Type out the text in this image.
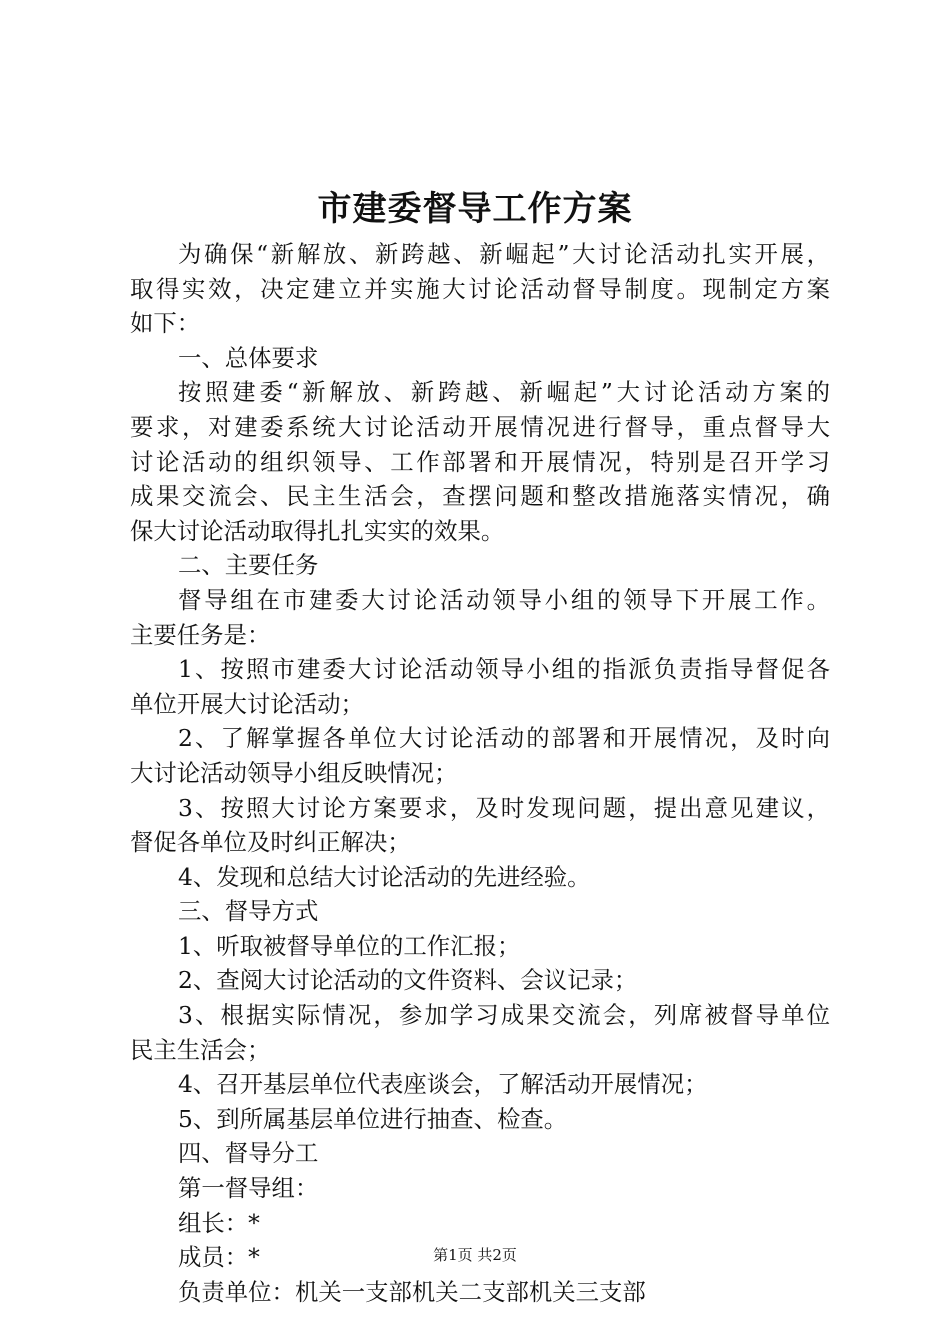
市建委督导工作方案
为确保“新解放、新跨越、新崛起”大讨论活动扎实开展，
取得实效，决定建立并实施大讨论活动督导制度。现制定方案
如下：
一、总体要求
按照建委“新解放、新跨越、新崛起”大讨论活动方案的
要求，对建委系统大讨论活动开展情况进行督导，重点督导大
讨论活动的组织领导、工作部署和开展情况，特别是召开学习
成果交流会、民主生活会，查摆问题和整改措施落实情况，确
保大讨论活动取得扎扎实实的效果。
二、主要任务
督导组在市建委大讨论活动领导小组的领导下开展工作。
主要任务是：
1、按照市建委大讨论活动领导小组的指派负责指导督促各
单位开展大讨论活动；
2、了解掌握各单位大讨论活动的部署和开展情况，及时向
大讨论活动领导小组反映情况；
3、按照大讨论方案要求，及时发现问题，提出意见建议，
督促各单位及时纠正解决；
4、发现和总结大讨论活动的先进经验。
三、督导方式
1、听取被督导单位的工作汇报；
2、查阅大讨论活动的文件资料、会议记录；
3、根据实际情况，参加学习成果交流会，列席被督导单位
民主生活会；
4、召开基层单位代表座谈会，了解活动开展情况；
5、到所属基层单位进行抽查、检查。
四、督导分工
第一督导组：
组长：*
成员：*
负责单位：机关一支部机关二支部机关三支部
第1页 共2页
